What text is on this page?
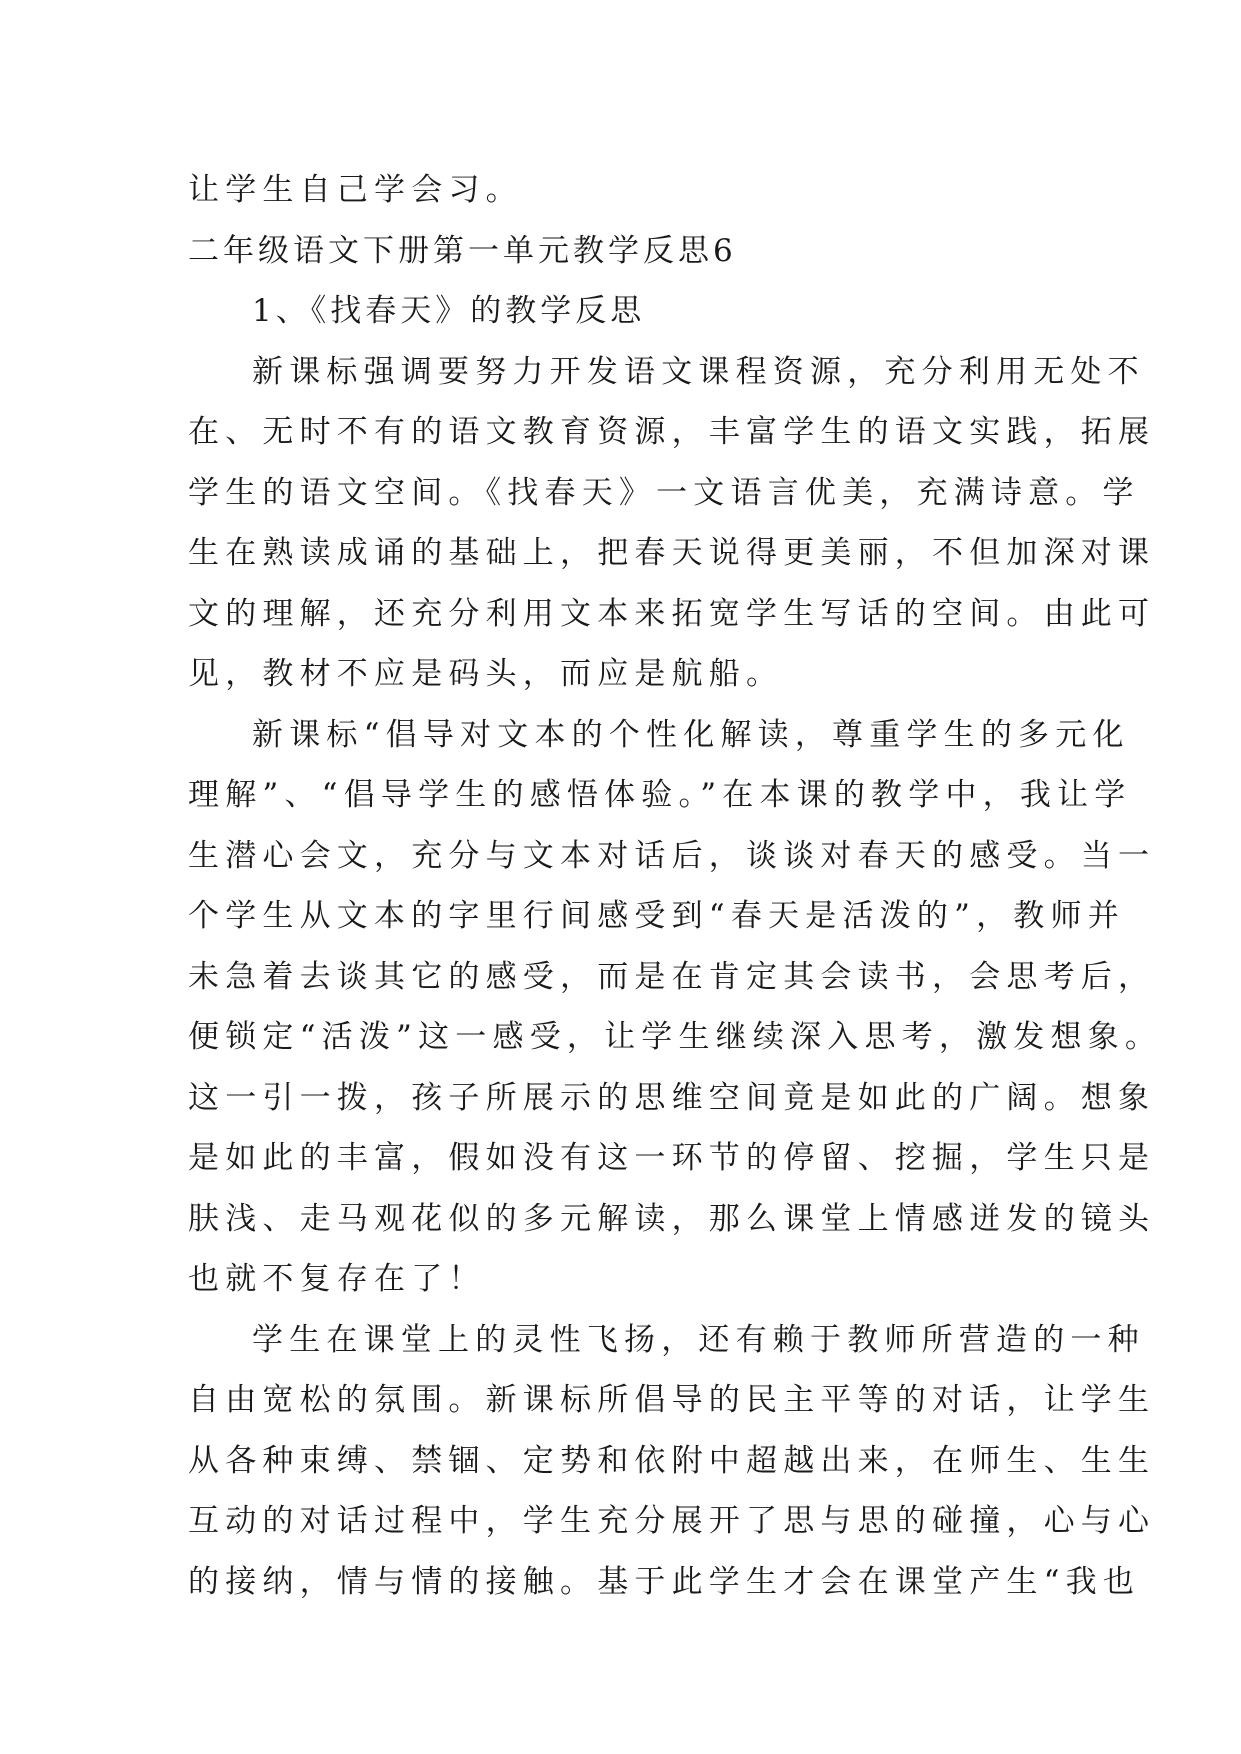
让学生自己学会习。
二年级语文下册第一单元教学反思6
1、《找春天》的教学反思
新课标强调要努力开发语文课程资源，充分利用无处不
在、无时不有的语文教育资源，丰富学生的语文实践，拓展
学生的语文空间。《找春天》一文语言优美，充满诗意。学
生在熟读成诵的基础上，把春天说得更美丽，不但加深对课
文的理解，还充分利用文本来拓宽学生写话的空间。由此可
见，教材不应是码头，而应是航船。
新课标“倡导对文本的个性化解读，尊重学生的多元化
理解”、“倡导学生的感悟体验。”在本课的教学中，我让学
生潜心会文，充分与文本对话后，谈谈对春天的感受。当一
个学生从文本的字里行间感受到“春天是活泼的”，教师并
未急着去谈其它的感受，而是在肯定其会读书，会思考后，
便锁定“活泼”这一感受，让学生继续深入思考，激发想象。
这一引一拨，孩子所展示的思维空间竟是如此的广阔。想象
是如此的丰富，假如没有这一环节的停留、挖掘，学生只是
肤浅、走马观花似的多元解读，那么课堂上情感迸发的镜头
也就不复存在了！
学生在课堂上的灵性飞扬，还有赖于教师所营造的一种
自由宽松的氛围。新课标所倡导的民主平等的对话，让学生
从各种束缚、禁锢、定势和依附中超越出来，在师生、生生
互动的对话过程中，学生充分展开了思与思的碰撞，心与心
的接纳，情与情的接触。基于此学生才会在课堂产生“我也
